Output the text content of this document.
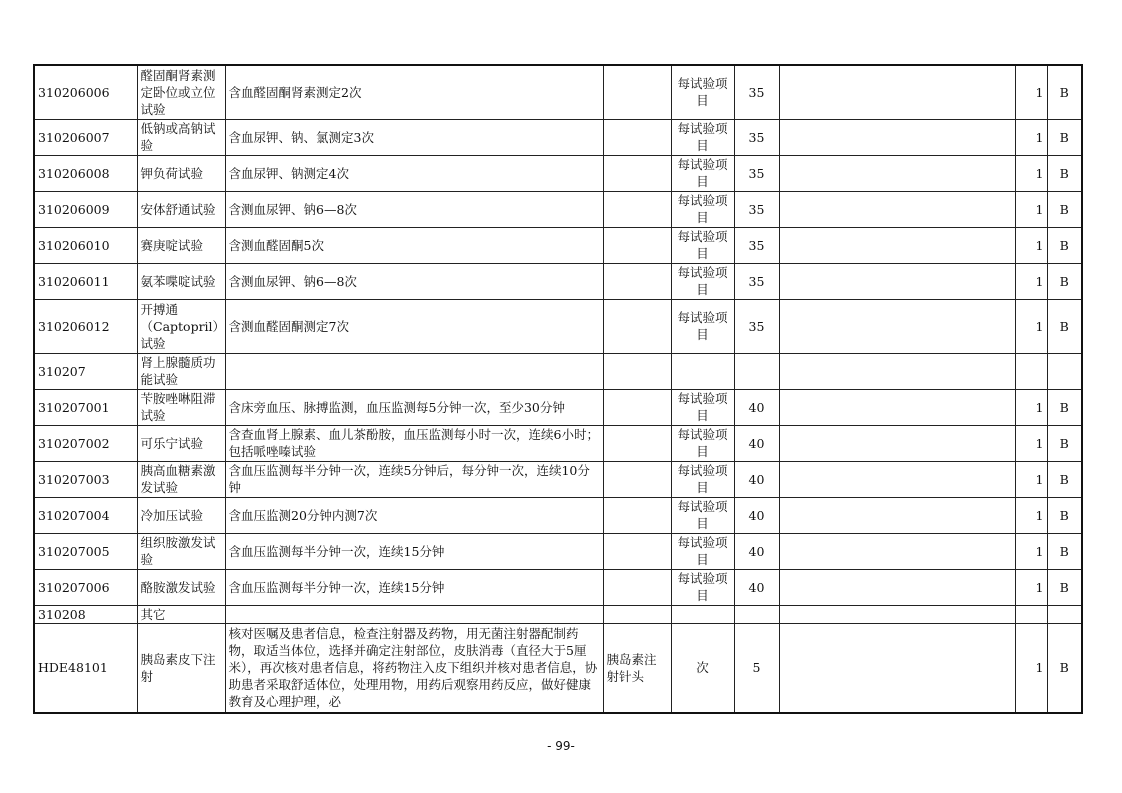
310206006	醛固酮肾素测定卧位或立位试验	含血醛固酮肾素测定2次		每试验项目	35		1	B
310206007	低钠或高钠试验	含血尿钾、钠、氯测定3次		每试验项目	35		1	B
310206008	钾负荷试验	含血尿钾、钠测定4次		每试验项目	35		1	B
310206009	安体舒通试验	含测血尿钾、钠6—8次		每试验项目	35		1	B
310206010	赛庚啶试验	含测血醛固酮5次		每试验项目	35		1	B
310206011	氨苯喋啶试验	含测血尿钾、钠6—8次		每试验项目	35		1	B
310206012	开搏通（Captopril）试验	含测血醛固酮测定7次		每试验项目	35		1	B
310207	肾上腺髓质功能试验							
310207001	苄胺唑啉阻滞试验	含床旁血压、脉搏监测，血压监测每5分钟一次，至少30分钟		每试验项目	40		1	B
310207002	可乐宁试验	含查血肾上腺素、血儿茶酚胺，血压监测每小时一次，连续6小时；包括哌唑嗪试验		每试验项目	40		1	B
310207003	胰高血糖素激发试验	含血压监测每半分钟一次，连续5分钟后，每分钟一次，连续10分钟		每试验项目	40		1	B
310207004	冷加压试验	含血压监测20分钟内测7次		每试验项目	40		1	B
310207005	组织胺激发试验	含血压监测每半分钟一次，连续15分钟		每试验项目	40		1	B
310207006	酪胺激发试验	含血压监测每半分钟一次，连续15分钟		每试验项目	40		1	B
310208	其它							
HDE48101	胰岛素皮下注射	核对医嘱及患者信息，检查注射器及药物，用无菌注射器配制药物，取适当体位，选择并确定注射部位，皮肤消毒（直径大于5厘米），再次核对患者信息，将药物注入皮下组织并核对患者信息，协助患者采取舒适体位，处理用物，用药后观察用药反应，做好健康教育及心理护理，必	胰岛素注射针头	次	5		1	B
- 99-
